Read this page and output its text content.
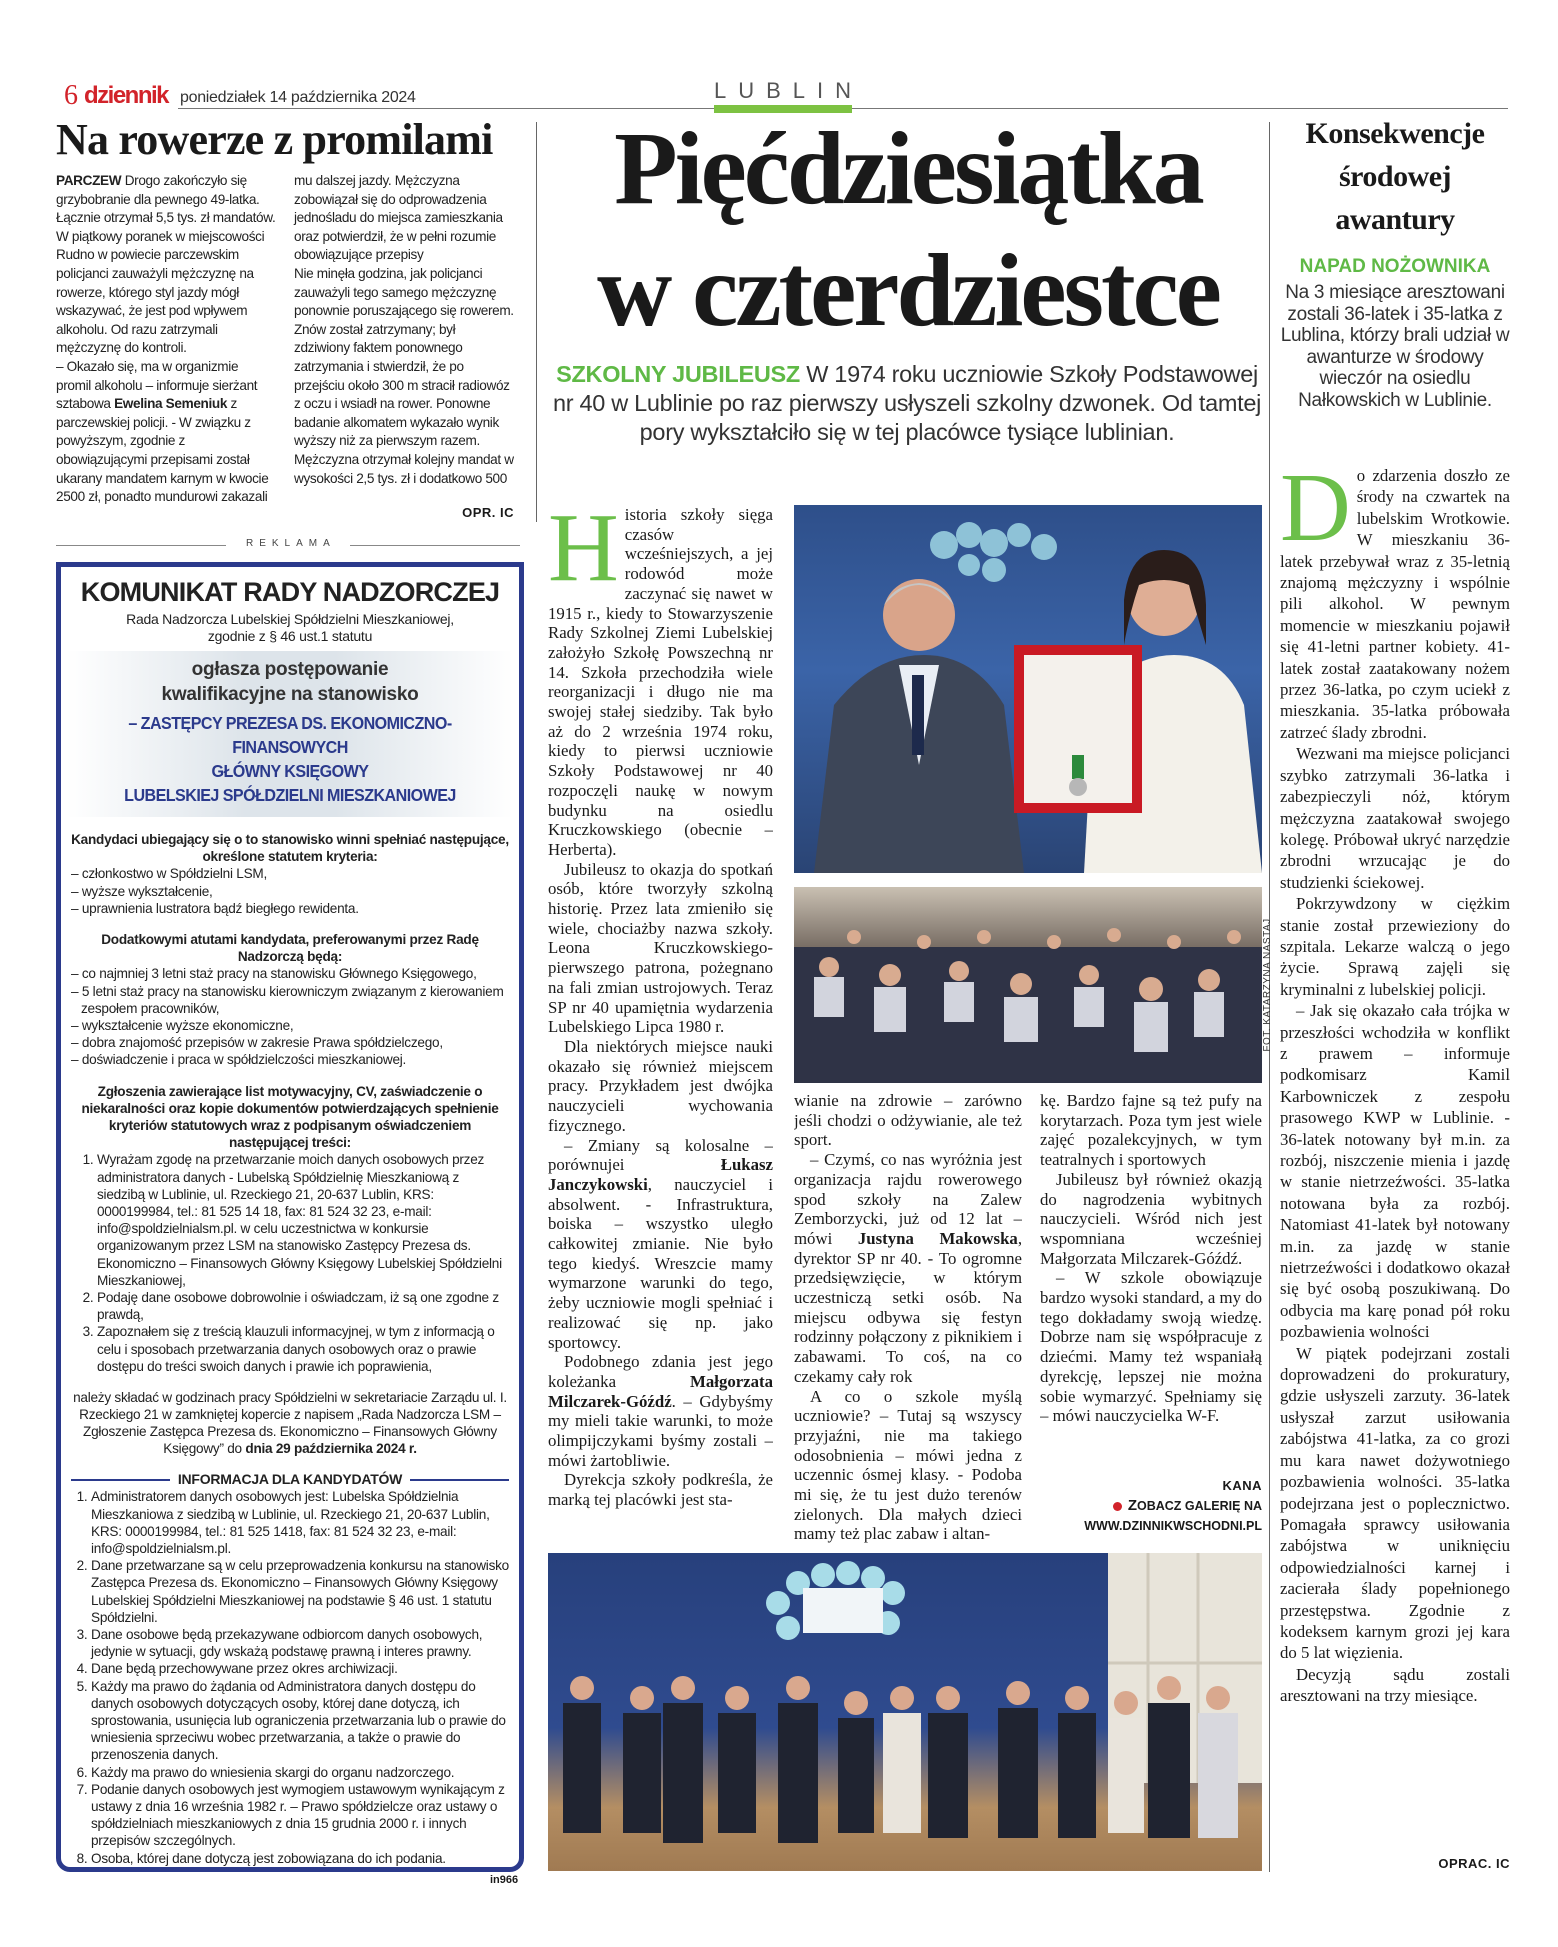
6 dziennik poniedziałek 14 października 2024	LUBLIN
Na rowerze z promilami

PARCZEW Drogo zakończyło się grzybobranie dla pewnego 49-latka. Łącznie otrzymał 5,5 tys. zł mandatów. W piątkowy poranek w miejscowości Rudno w powiecie parczewskim policjanci zauważyli mężczyznę na rowerze, którego styl jazdy mógł wskazywać, że jest pod wpływem alkoholu. Od razu zatrzymali mężczyznę do kontroli.

– Okazało się, ma w organizmie promil alkoholu – informuje sierżant sztabowa Ewelina Semeniuk z parczewskiej policji. - W związku z powyższym, zgodnie z obowiązującymi przepisami został ukarany mandatem karnym w kwocie 2500 zł, ponadto mundurowi zakazali mu dalszej jazdy. Mężczyzna zobowiązał się do odprowadzenia jednośladu do miejsca zamieszkania oraz potwierdził, że w pełni rozumie obowiązujące przepisy

Nie minęła godzina, jak policjanci zauważyli tego samego mężczyznę ponownie poruszającego się rowerem. Znów został zatrzymany; był zdziwiony faktem ponownego zatrzymania i stwierdził, że po przejściu około 300 m stracił radiowóz z oczu i wsiadł na rower. Ponowne badanie alkomatem wykazało wynik wyższy niż za pierwszym razem. Mężczyzna otrzymał kolejny mandat w wysokości 2,5 tys. zł i dodatkowo 500

OPR. IC
REKLAMA
KOMUNIKAT RADY NADZORCZEJ
Rada Nadzorcza Lubelskiej Spółdzielni Mieszkaniowej,
zgodnie z § 46 ust.1 statutu
ogłasza postępowanie
kwalifikacyjne na stanowisko
– ZASTĘPCY PREZESA DS. EKONOMICZNO-FINANSOWYCH
GŁÓWNY KSIĘGOWY
LUBELSKIEJ SPÓŁDZIELNI MIESZKANIOWEJ
Kandydaci ubiegający się o to stanowisko winni spełniać następujące, określone statutem kryteria:

– członkostwo w Spółdzielni LSM,

– wyższe wykształcenie,

– uprawnienia lustratora bądź biegłego rewidenta.

Dodatkowymi atutami kandydata, preferowanymi przez Radę Nadzorczą będą:

– co najmniej 3 letni staż pracy na stanowisku Głównego Księgowego,

– 5 letni staż pracy na stanowisku kierowniczym związanym z kierowaniem zespołem pracowników,

– wykształcenie wyższe ekonomiczne,

– dobra znajomość przepisów w zakresie Prawa spółdzielczego,

– doświadczenie i praca w spółdzielczości mieszkaniowej.

Zgłoszenia zawierające list motywacyjny, CV, zaświadczenie o niekaralności oraz kopie dokumentów potwierdzających spełnienie kryteriów statutowych wraz z podpisanym oświadczeniem następującej treści:
1. Wyrażam zgodę na przetwarzanie moich danych osobowych przez administratora danych - Lubelską Spółdzielnię Mieszkaniową z siedzibą w Lublinie, ul. Rzeckiego 21, 20-637 Lublin, KRS: 0000199984, tel.: 81 525 14 18, fax: 81 524 32 23, e-mail: info@spoldzielnialsm.pl. w celu uczestnictwa w konkursie organizowanym przez LSM na stanowisko Zastępcy Prezesa ds. Ekonomiczno – Finansowych Główny Księgowy Lubelskiej Spółdzielni Mieszkaniowej,
2. Podaję dane osobowe dobrowolnie i oświadczam, iż są one zgodne z prawdą,
3. Zapoznałem się z treścią klauzuli informacyjnej, w tym z informacją o celu i sposobach przetwarzania danych osobowych oraz o prawie dostępu do treści swoich danych i prawie ich poprawienia,

należy składać w godzinach pracy Spółdzielni w sekretariacie Zarządu ul. I. Rzeckiego 21 w zamkniętej kopercie z napisem „Rada Nadzorcza LSM – Zgłoszenie Zastępca Prezesa ds. Ekonomiczno – Finansowych Główny Księgowy” do dnia 29 października 2024 r.

INFORMACJA DLA KANDYDATÓW
1. Administratorem danych osobowych jest: Lubelska Spółdzielnia Mieszkaniowa z siedzibą w Lublinie, ul. Rzeckiego 21, 20-637 Lublin, KRS: 0000199984, tel.: 81 525 1418, fax: 81 524 32 23, e-mail: info@spoldzielnialsm.pl.
2. Dane przetwarzane są w celu przeprowadzenia konkursu na stanowisko Zastępca Prezesa ds. Ekonomiczno – Finansowych Główny Księgowy Lubelskiej Spółdzielni Mieszkaniowej na podstawie § 46 ust. 1 statutu Spółdzielni.
3. Dane osobowe będą przekazywane odbiorcom danych osobowych, jedynie w sytuacji, gdy wskażą podstawę prawną i interes prawny.
4. Dane będą przechowywane przez okres archiwizacji.
5. Każdy ma prawo do żądania od Administratora danych dostępu do danych osobowych dotyczących osoby, której dane dotyczą, ich sprostowania, usunięcia lub ograniczenia przetwarzania lub o prawie do wniesienia sprzeciwu wobec przetwarzania, a także o prawie do przenoszenia danych.
6. Każdy ma prawo do wniesienia skargi do organu nadzorczego.
7. Podanie danych osobowych jest wymogiem ustawowym wynikającym z ustawy z dnia 16 września 1982 r. – Prawo spółdzielcze oraz ustawy o spółdzielniach mieszkaniowych z dnia 15 grudnia 2000 r. i innych przepisów szczególnych.
8. Osoba, której dane dotyczą jest zobowiązana do ich podania.
in966
Pięćdziesiątka
w czterdziestce
SZKOLNY JUBILEUSZ W 1974 roku uczniowie Szkoły Podstawowej nr 40 w Lublinie po raz pierwszy usłyszeli szkolny dzwonek. Od tamtej pory wykształciło się w tej placówce tysiące lublinian.
H istoria szkoły sięga czasów wcześniejszych, a jej rodowód może zaczynać się nawet w 1915 r., kiedy to Stowarzyszenie Rady Szkolnej Ziemi Lubelskiej założyło Szkołę Powszechną nr 14. Szkoła przechodziła wiele reorganizacji i długo nie ma swojej stałej siedziby. Tak było aż do 2 września 1974 roku, kiedy to pierwsi uczniowie Szkoły Podstawowej nr 40 rozpoczęli naukę w nowym budynku na osiedlu Kruczkowskiego (obecnie – Herberta).

Jubileusz to okazja do spotkań osób, które tworzyły szkolną historię. Przez lata zmieniło się wiele, chociażby nazwa szkoły. Leona Kruczkowskiego- pierwszego patrona, pożegnano na fali zmian ustrojowych. Teraz SP nr 40 upamiętnia wydarzenia Lubelskiego Lipca 1980 r.

Dla niektórych miejsce nauki okazało się również miejscem pracy. Przykładem jest dwójka nauczycieli wychowania fizycznego.

– Zmiany są kolosalne – porównujei Łukasz Janczykowski, nauczyciel i absolwent. - Infrastruktura, boiska – wszystko uległo całkowitej zmianie. Nie było tego kiedyś. Wreszcie mamy wymarzone warunki do tego, żeby uczniowie mogli spełniać i realizować się np. jako sportowcy.

Podobnego zdania jest jego koleżanka Małgorzata Milczarek-Góźdź. – Gdybyśmy my mieli takie warunki, to może olimpijczykami byśmy zostali – mówi żartobliwie.

Dyrekcja szkoły podkreśla, że marką tej placówki jest sta-

FOT. KATARZYNA NASTAJ

wianie na zdrowie – zarówno jeśli chodzi o odżywianie, ale też sport.

– Czymś, co nas wyróżnia jest organizacja rajdu rowerowego spod szkoły na Zalew Zemborzycki, już od 12 lat – mówi Justyna Makowska, dyrektor SP nr 40. - To ogromne przedsięwzięcie, w którym uczestniczą setki osób. Na miejscu odbywa się festyn rodzinny połączony z piknikiem i zabawami. To coś, na co czekamy cały rok

A co o szkole myślą uczniowie? – Tutaj są wszyscy przyjaźni, nie ma takiego odosobnienia – mówi jedna z uczennic ósmej klasy. - Podoba mi się, że tu jest dużo terenów zielonych. Dla małych dzieci mamy też plac zabaw i altan-

kę. Bardzo fajne są też pufy na korytarzach. Poza tym jest wiele zajęć pozalekcyjnych, w tym teatralnych i sportowych

Jubileusz był również okazją do nagrodzenia wybitnych nauczycieli. Wśród nich jest wspomniana wcześniej Małgorzata Milczarek-Góźdź.

– W szkole obowiązuje bardzo wysoki standard, a my do tego dokładamy swoją wiedzę. Dobrze nam się współpracuje z dziećmi. Mamy też wspaniałą dyrekcję, lepszej nie można sobie wymarzyć. Spełniamy się – mówi nauczycielka W-F.

KANA
ZOBACZ GALERIĘ NA
WWW.DZINNIKWSCHODNI.PL
Konsekwencje
środowej
awantury
NAPAD NOŻOWNIKA
Na 3 miesiące aresztowani zostali 36-latek i 35-latka z Lublina, którzy brali udział w awanturze w środowy wieczór na osiedlu Nałkowskich w Lublinie.
D o zdarzenia doszło ze środy na czwartek na lubelskim Wrotkowie. W mieszkaniu 36-latek przebywał wraz z 35-letnią znajomą mężczyzny i wspólnie pili alkohol. W pewnym momencie w mieszkaniu pojawił się 41-letni partner kobiety. 41-latek został zaatakowany nożem przez 36-latka, po czym uciekł z mieszkania. 35-latka próbowała zatrzeć ślady zbrodni.

Wezwani ma miejsce policjanci szybko zatrzymali 36-latka i zabezpieczyli nóż, którym mężczyzna zaatakował swojego kolegę. Próbował ukryć narzędzie zbrodni wrzucając je do studzienki ściekowej.

Pokrzywdzony w ciężkim stanie został przewieziony do szpitala. Lekarze walczą o jego życie. Sprawą zajęli się kryminalni z lubelskiej policji.

– Jak się okazało cała trójka w przeszłości wchodziła w konflikt z prawem – informuje podkomisarz Kamil Karbowniczek z zespołu prasowego KWP w Lublinie. - 36-latek notowany był m.in. za rozbój, niszczenie mienia i jazdę w stanie nietrzeźwości. 35-latka notowana była za rozbój. Natomiast 41-latek był notowany m.in. za jazdę w stanie nietrzeźwości i dodatkowo okazał się być osobą poszukiwaną. Do odbycia ma karę ponad pół roku pozbawienia wolności

W piątek podejrzani zostali doprowadzeni do prokuratury, gdzie usłyszeli zarzuty. 36-latek usłyszał zarzut usiłowania zabójstwa 41-latka, za co grozi mu kara nawet dożywotniego pozbawienia wolności. 35-latka podejrzana jest o poplecznictwo. Pomagała sprawcy usiłowania zabójstwa w uniknięciu odpowiedzialności karnej i zacierała ślady popełnionego przestępstwa. Zgodnie z kodeksem karnym grozi jej kara do 5 lat więzienia.

Decyzją sądu zostali aresztowani na trzy miesiące.

OPRAC. IC
